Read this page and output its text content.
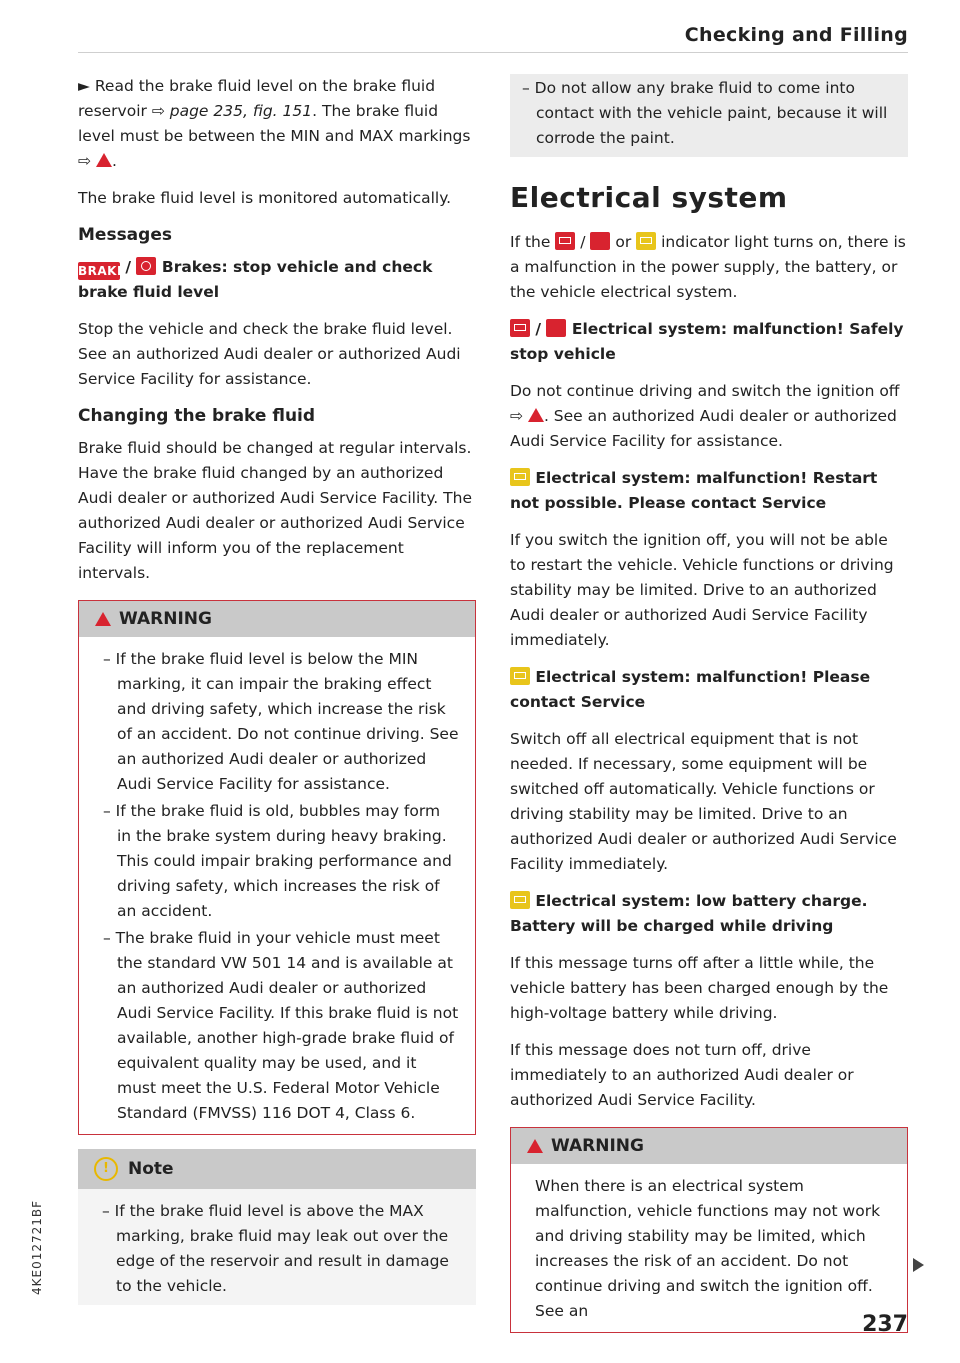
Checking and Filling

► Read the brake fluid level on the brake fluid reservoir ⇨ page 235, fig. 151. The brake fluid level must be between the MIN and MAX markings ⇨ .

The brake fluid level is monitored automatically.

Messages
BRAKE / Brakes: stop vehicle and check brake fluid level

Stop the vehicle and check the brake fluid level. See an authorized Audi dealer or authorized Audi Service Facility for assistance.

Changing the brake fluid

Brake fluid should be changed at regular intervals. Have the brake fluid changed by an authorized Audi dealer or authorized Audi Service Facility. The authorized Audi dealer or authorized Audi Service Facility will inform you of the replacement intervals.

WARNING

– If the brake fluid level is below the MIN marking, it can impair the braking effect and driving safety, which increase the risk of an accident. Do not continue driving. See an authorized Audi dealer or authorized Audi Service Facility for assistance.

– If the brake fluid is old, bubbles may form in the brake system during heavy braking. This could impair braking performance and driving safety, which increases the risk of an accident.

– The brake fluid in your vehicle must meet the standard VW 501 14 and is available at an authorized Audi dealer or authorized Audi Service Facility. If this brake fluid is not available, another high-grade brake fluid of equivalent quality may be used, and it must meet the U.S. Federal Motor Vehicle Standard (FMVSS) 116 DOT 4, Class 6.

!	Note

– If the brake fluid level is above the MAX marking, brake fluid may leak out over the edge of the reservoir and result in damage to the vehicle.

– Do not allow any brake fluid to come into contact with the vehicle paint, because it will corrode the paint.

Electrical system

If the / or indicator light turns on, there is a malfunction in the power supply, the battery, or the vehicle electrical system.

/ Electrical system: malfunction! Safely stop vehicle

Do not continue driving and switch the ignition off ⇨ . See an authorized Audi dealer or authorized Audi Service Facility for assistance.

Electrical system: malfunction! Restart not possible. Please contact Service

If you switch the ignition off, you will not be able to restart the vehicle. Vehicle functions or driving stability may be limited. Drive to an authorized Audi dealer or authorized Audi Service Facility immediately.

Electrical system: malfunction! Please contact Service

Switch off all electrical equipment that is not needed. If necessary, some equipment will be switched off automatically. Vehicle functions or driving stability may be limited. Drive to an authorized Audi dealer or authorized Audi Service Facility immediately.

Electrical system: low battery charge. Battery will be charged while driving

If this message turns off after a little while, the vehicle battery has been charged enough by the high-voltage battery while driving.

If this message does not turn off, drive immediately to an authorized Audi dealer or authorized Audi Service Facility.

WARNING

When there is an electrical system malfunction, vehicle functions may not work and driving stability may be limited, which increases the risk of an accident. Do not continue driving and switch the ignition off. See an

237
4KE012721BF
